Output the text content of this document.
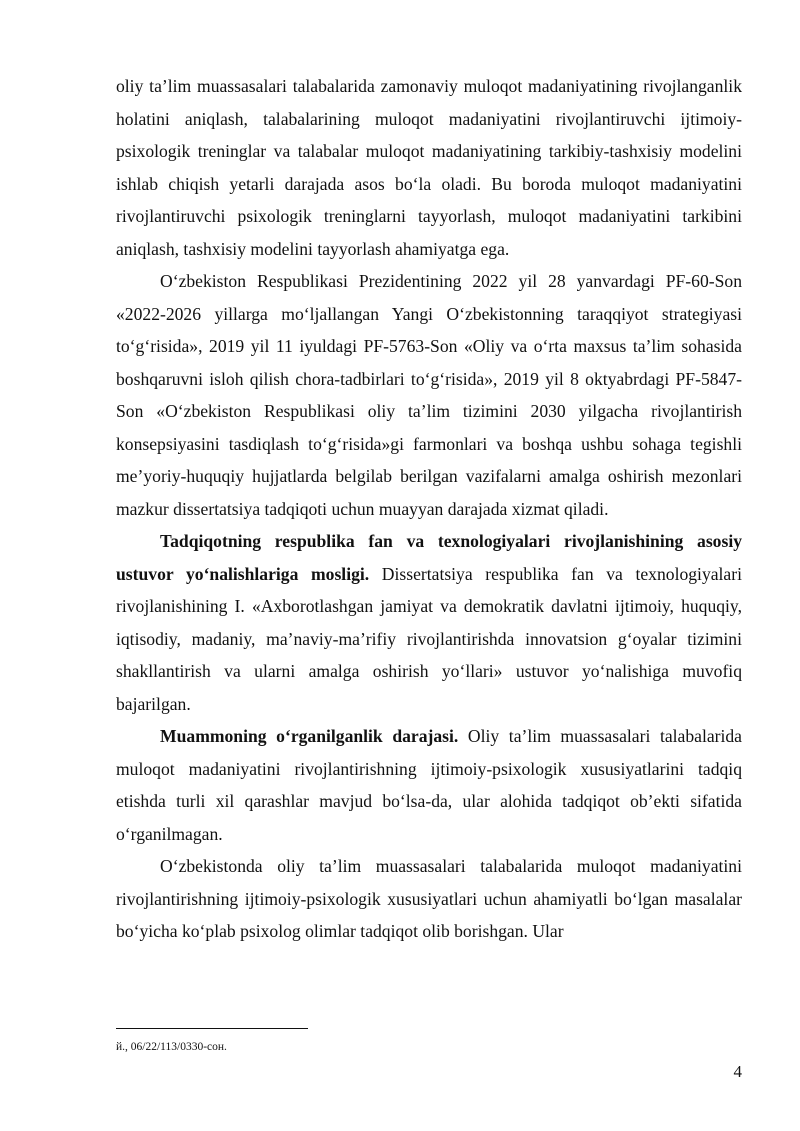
oliy ta’lim muassasalari talabalarida zamonaviy muloqot madaniyatining rivojlanganlik holatini aniqlash, talabalarining muloqot madaniyatini rivojlantiruvchi ijtimoiy-psixologik treninglar va talabalar muloqot madaniyatining tarkibiy-tashxisiy modelini ishlab chiqish yetarli darajada asos bo‘la oladi. Bu boroda muloqot madaniyatini rivojlantiruvchi psixologik treninglarni tayyorlash, muloqot madaniyatini tarkibini aniqlash, tashxisiy modelini tayyorlash ahamiyatga ega.

O‘zbekiston Respublikasi Prezidentining 2022 yil 28 yanvardagi PF-60-Son «2022-2026 yillarga mo‘ljallangan Yangi O‘zbekistonning taraqqiyot strategiyasi to‘g‘risida», 2019 yil 11 iyuldagi PF-5763-Son «Oliy va o‘rta maxsus ta’lim sohasida boshqaruvni isloh qilish chora-tadbirlari to‘g‘risida», 2019 yil 8 oktyabrdagi PF-5847-Son «O‘zbekiston Respublikasi oliy ta’lim tizimini 2030 yilgacha rivojlantirish konsepsiyasini tasdiqlash to‘g‘risida»gi farmonlari va boshqa ushbu sohaga tegishli me’yoriy-huquqiy hujjatlarda belgilab berilgan vazifalarni amalga oshirish mezonlari mazkur dissertatsiya tadqiqoti uchun muayyan darajada xizmat qiladi.

Tadqiqotning respublika fan va texnologiyalari rivojlanishining asosiy ustuvor yo‘nalishlariga mosligi. Dissertatsiya respublika fan va texnologiyalari rivojlanishining I. «Axborotlashgan jamiyat va demokratik davlatni ijtimoiy, huquqiy, iqtisodiy, madaniy, ma’naviy-ma’rifiy rivojlantirishda innovatsion g‘oyalar tizimini shakllantirish va ularni amalga oshirish yo‘llari» ustuvor yo‘nalishiga muvofiq bajarilgan.

Muammoning o‘rganilganlik darajasi. Oliy ta’lim muassasalari talabalarida muloqot madaniyatini rivojlantirishning ijtimoiy-psixologik xususiyatlarini tadqiq etishda turli xil qarashlar mavjud bo‘lsa-da, ular alohida tadqiqot ob’ekti sifatida o‘rganilmagan.

O‘zbekistonda oliy ta’lim muassasalari talabalarida muloqot madaniyatini rivojlantirishning ijtimoiy-psixologik xususiyatlari uchun ahamiyatli bo‘lgan masalalar bo‘yicha ko‘plab psixolog olimlar tadqiqot olib borishgan. Ular

й., 06/22/113/0330-сон.
4
